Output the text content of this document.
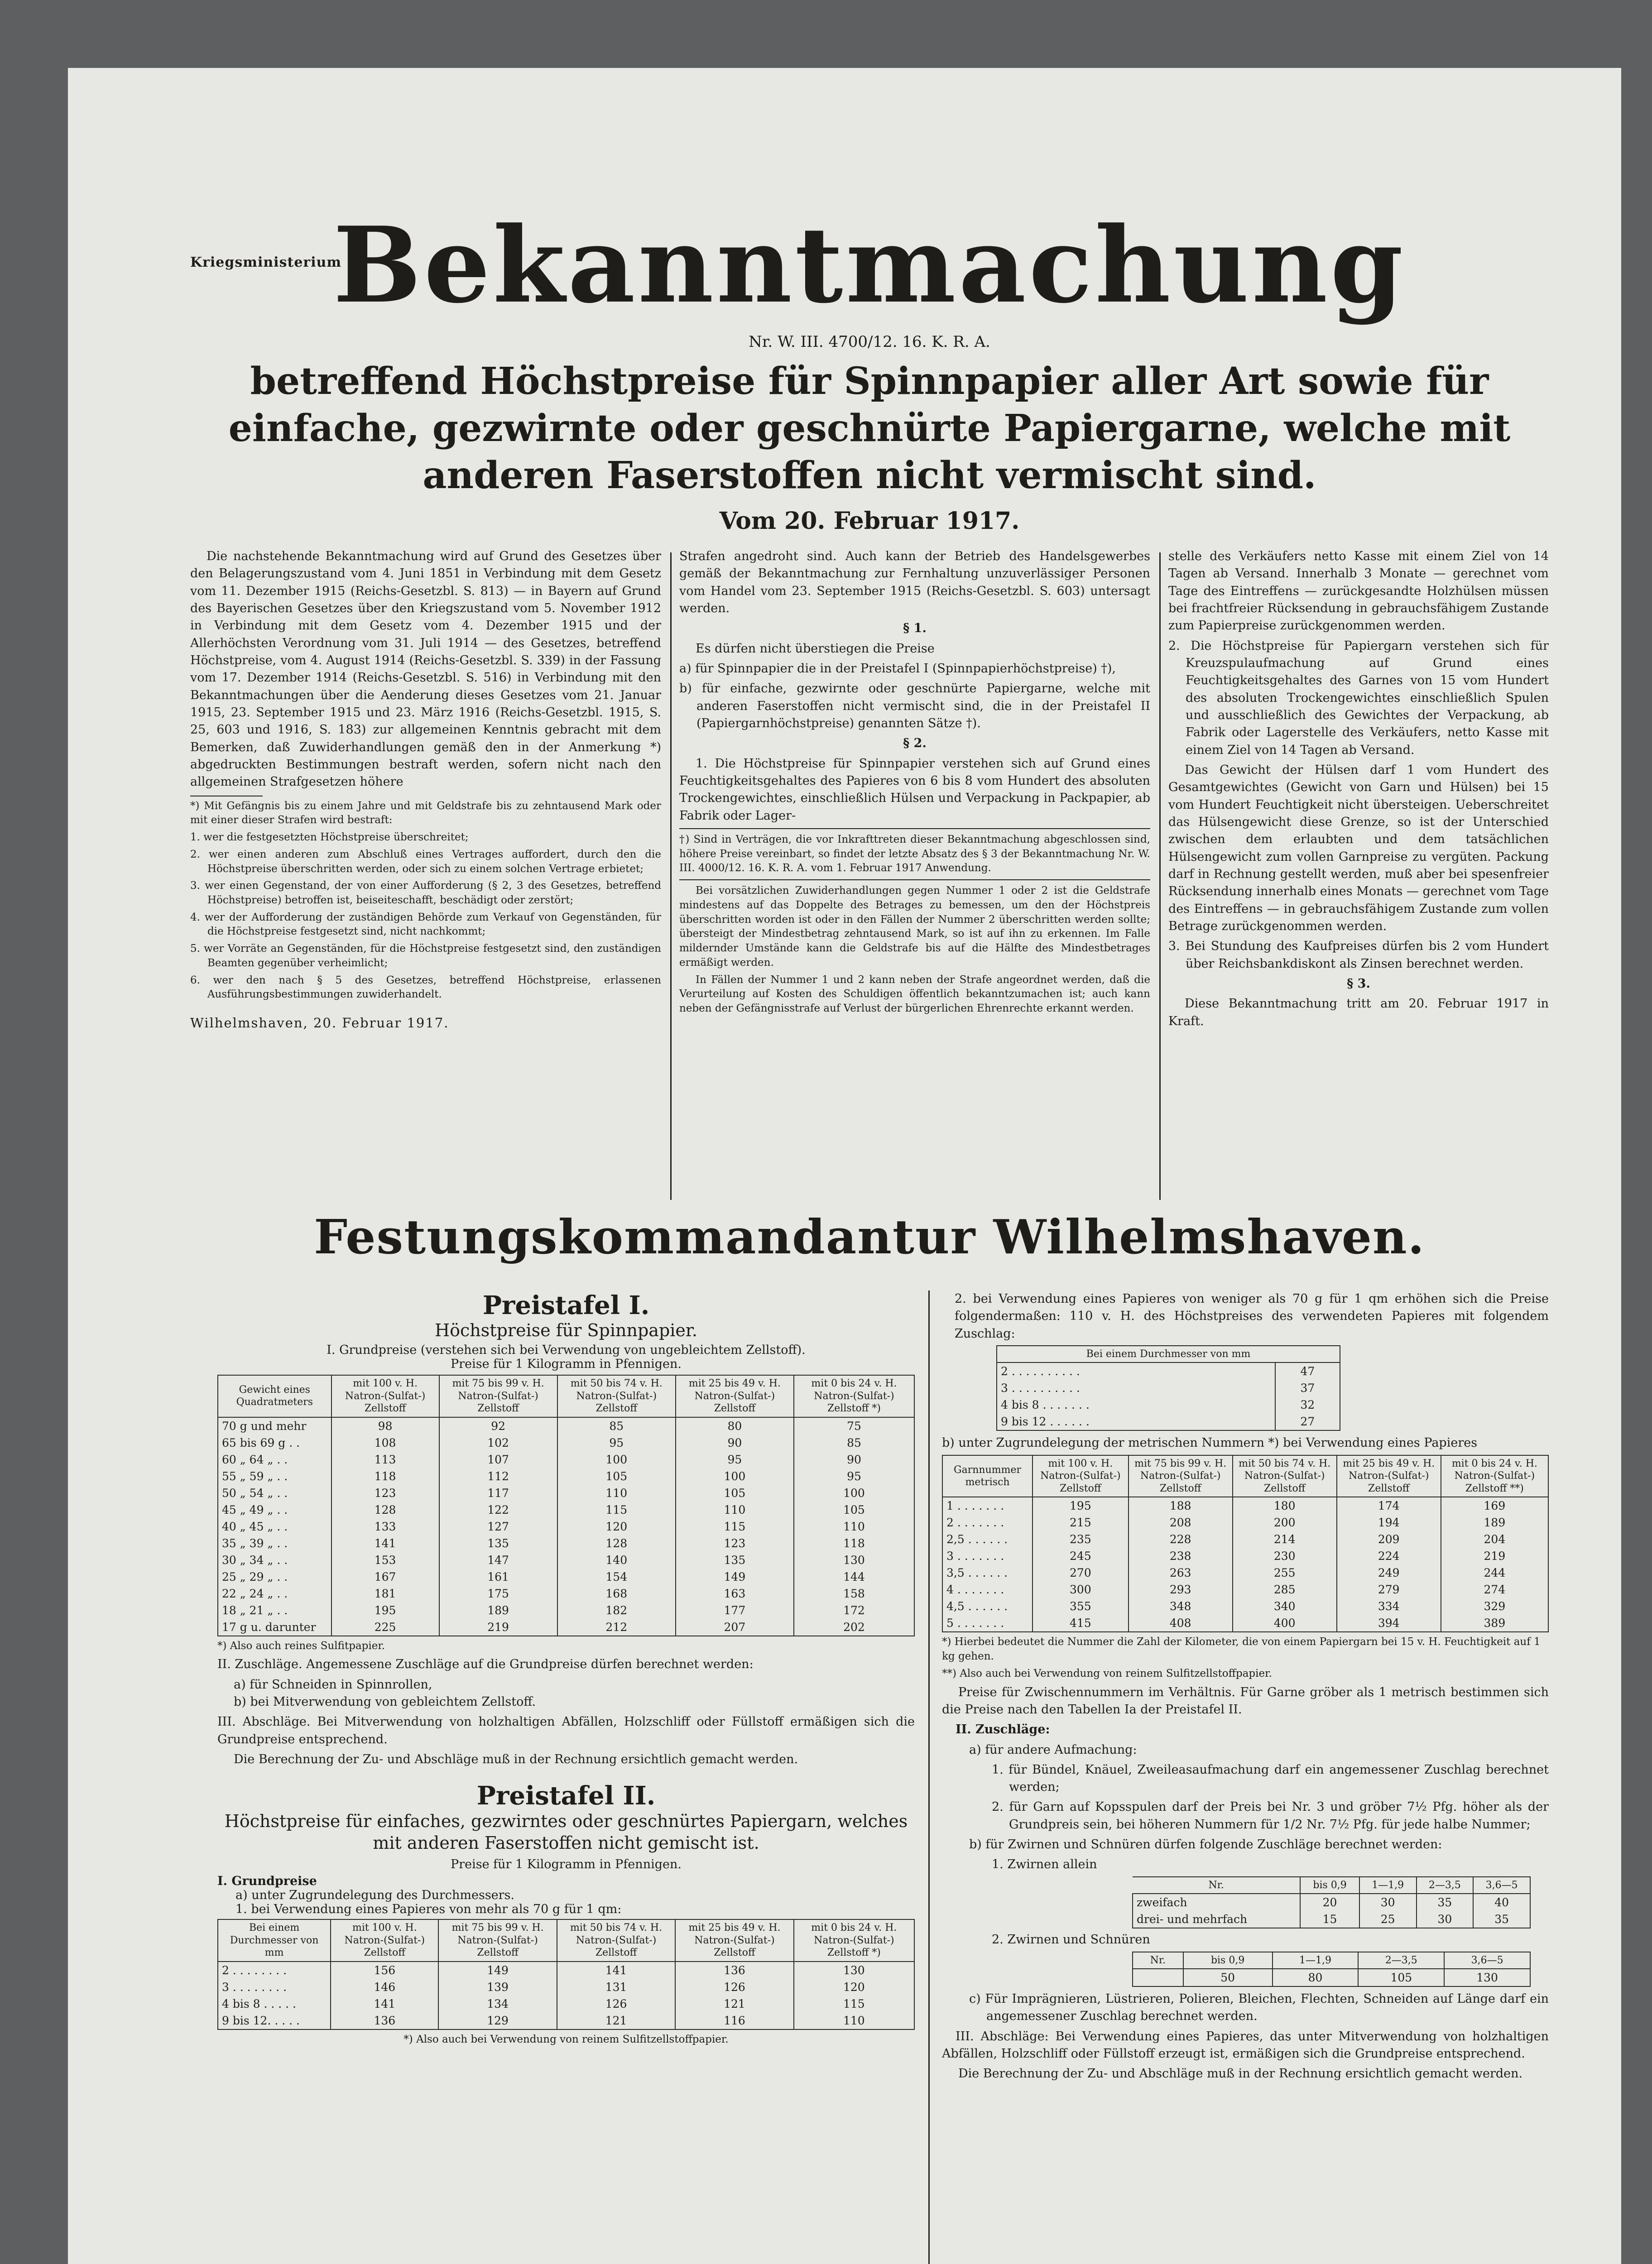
Kriegsministerium
Bekanntmachung
Nr. W. III. 4700/12. 16. K. R. A.
betreffend Höchstpreise für Spinnpapier aller Art sowie für einfache, gezwirnte oder geschnürte Papiergarne, welche mit anderen Faserstoffen nicht vermischt sind.
Vom 20. Februar 1917.

Die nachstehende Bekanntmachung wird auf Grund des Gesetzes über den Belagerungszustand vom 4. Juni 1851 in Verbindung mit dem Gesetz vom 11. Dezember 1915 (Reichs-Gesetzbl. S. 813) — in Bayern auf Grund des Bayerischen Gesetzes über den Kriegszustand vom 5. November 1912 in Verbindung mit dem Gesetz vom 4. Dezember 1915 und der Allerhöchsten Verordnung vom 31. Juli 1914 — des Gesetzes, betreffend Höchstpreise, vom 4. August 1914 (Reichs-Gesetzbl. S. 339) in der Fassung vom 17. Dezember 1914 (Reichs-Gesetzbl. S. 516) in Verbindung mit den Bekanntmachungen über die Aenderung dieses Gesetzes vom 21. Januar 1915, 23. September 1915 und 23. März 1916 (Reichs-Gesetzbl. 1915, S. 25, 603 und 1916, S. 183) zur allgemeinen Kenntnis gebracht mit dem Bemerken, daß Zuwiderhandlungen gemäß den in der Anmerkung *) abgedruckten Bestimmungen bestraft werden, sofern nicht nach den allgemeinen Strafgesetzen höhere

*) Mit Gefängnis bis zu einem Jahre und mit Geldstrafe bis zu zehntausend Mark oder mit einer dieser Strafen wird bestraft:

1. wer die festgesetzten Höchstpreise überschreitet;

2. wer einen anderen zum Abschluß eines Vertrages auffordert, durch den die Höchstpreise überschritten werden, oder sich zu einem solchen Vertrage erbietet;

3. wer einen Gegenstand, der von einer Aufforderung (§ 2, 3 des Gesetzes, betreffend Höchstpreise) betroffen ist, beiseiteschafft, beschädigt oder zerstört;

4. wer der Aufforderung der zuständigen Behörde zum Verkauf von Gegenständen, für die Höchstpreise festgesetzt sind, nicht nachkommt;

5. wer Vorräte an Gegenständen, für die Höchstpreise festgesetzt sind, den zuständigen Beamten gegenüber verheimlicht;

6. wer den nach § 5 des Gesetzes, betreffend Höchstpreise, erlassenen Ausführungsbestimmungen zuwiderhandelt.

Wilhelmshaven, 20. Februar 1917.

Strafen angedroht sind. Auch kann der Betrieb des Handelsgewerbes gemäß der Bekanntmachung zur Fernhaltung unzuverlässiger Personen vom Handel vom 23. September 1915 (Reichs-Gesetzbl. S. 603) untersagt werden.

§ 1.

Es dürfen nicht überstiegen die Preise

a) für Spinnpapier die in der Preistafel I (Spinnpapierhöchstpreise) †),

b) für einfache, gezwirnte oder geschnürte Papiergarne, welche mit anderen Faserstoffen nicht vermischt sind, die in der Preistafel II (Papiergarnhöchstpreise) genannten Sätze †).

§ 2.

1. Die Höchstpreise für Spinnpapier verstehen sich auf Grund eines Feuchtigkeitsgehaltes des Papieres von 6 bis 8 vom Hundert des absoluten Trockengewichtes, einschließlich Hülsen und Verpackung in Packpapier, ab Fabrik oder Lager-

†) Sind in Verträgen, die vor Inkrafttreten dieser Bekanntmachung abgeschlossen sind, höhere Preise vereinbart, so findet der letzte Absatz des § 3 der Bekanntmachung Nr. W. III. 4000/12. 16. K. R. A. vom 1. Februar 1917 Anwendung.

Bei vorsätzlichen Zuwiderhandlungen gegen Nummer 1 oder 2 ist die Geldstrafe mindestens auf das Doppelte des Betrages zu bemessen, um den der Höchstpreis überschritten worden ist oder in den Fällen der Nummer 2 überschritten werden sollte; übersteigt der Mindestbetrag zehntausend Mark, so ist auf ihn zu erkennen. Im Falle mildernder Umstände kann die Geldstrafe bis auf die Hälfte des Mindestbetrages ermäßigt werden.

In Fällen der Nummer 1 und 2 kann neben der Strafe angeordnet werden, daß die Verurteilung auf Kosten des Schuldigen öffentlich bekanntzumachen ist; auch kann neben der Gefängnisstrafe auf Verlust der bürgerlichen Ehrenrechte erkannt werden.

stelle des Verkäufers netto Kasse mit einem Ziel von 14 Tagen ab Versand. Innerhalb 3 Monate — gerechnet vom Tage des Eintreffens — zurückgesandte Holzhülsen müssen bei frachtfreier Rücksendung in gebrauchsfähigem Zustande zum Papierpreise zurückgenommen werden.

2. Die Höchstpreise für Papiergarn verstehen sich für Kreuzspulaufmachung auf Grund eines Feuchtigkeitsgehaltes des Garnes von 15 vom Hundert des absoluten Trockengewichtes einschließlich Spulen und ausschließlich des Gewichtes der Verpackung, ab Fabrik oder Lagerstelle des Verkäufers, netto Kasse mit einem Ziel von 14 Tagen ab Versand.

Das Gewicht der Hülsen darf 1 vom Hundert des Gesamtgewichtes (Gewicht von Garn und Hülsen) bei 15 vom Hundert Feuchtigkeit nicht übersteigen. Ueberschreitet das Hülsengewicht diese Grenze, so ist der Unterschied zwischen dem erlaubten und dem tatsächlichen Hülsengewicht zum vollen Garnpreise zu vergüten. Packung darf in Rechnung gestellt werden, muß aber bei spesenfreier Rücksendung innerhalb eines Monats — gerechnet vom Tage des Eintreffens — in gebrauchsfähigem Zustande zum vollen Betrage zurückgenommen werden.

3. Bei Stundung des Kaufpreises dürfen bis 2 vom Hundert über Reichsbankdiskont als Zinsen berechnet werden.

§ 3.

Diese Bekanntmachung tritt am 20. Februar 1917 in Kraft.

Festungskommandantur Wilhelmshaven.
Preistafel I.
Höchstpreise für Spinnpapier.
I. Grundpreise (verstehen sich bei Verwendung von ungebleichtem Zellstoff).
Preise für 1 Kilogramm in Pfennigen.
Gewicht eines Quadratmeters	mit 100 v. H. Natron-(Sulfat-) Zellstoff	mit 75 bis 99 v. H. Natron-(Sulfat-) Zellstoff	mit 50 bis 74 v. H. Natron-(Sulfat-) Zellstoff	mit 25 bis 49 v. H. Natron-(Sulfat-) Zellstoff	mit 0 bis 24 v. H. Natron-(Sulfat-) Zellstoff *)
70 g und mehr	98	92	85	80	75
65 bis 69 g . .	108	102	95	90	85
60 „ 64 „ . .	113	107	100	95	90
55 „ 59 „ . .	118	112	105	100	95
50 „ 54 „ . .	123	117	110	105	100
45 „ 49 „ . .	128	122	115	110	105
40 „ 45 „ . .	133	127	120	115	110
35 „ 39 „ . .	141	135	128	123	118
30 „ 34 „ . .	153	147	140	135	130
25 „ 29 „ . .	167	161	154	149	144
22 „ 24 „ . .	181	175	168	163	158
18 „ 21 „ . .	195	189	182	177	172
17 g u. darunter	225	219	212	207	202
*) Also auch reines Sulfitpapier.

II. Zuschläge. Angemessene Zuschläge auf die Grundpreise dürfen berechnet werden:

a) für Schneiden in Spinnrollen,

b) bei Mitverwendung von gebleichtem Zellstoff.

III. Abschläge. Bei Mitverwendung von holzhaltigen Abfällen, Holzschliff oder Füllstoff ermäßigen sich die Grundpreise entsprechend.

Die Berechnung der Zu- und Abschläge muß in der Rechnung ersichtlich gemacht werden.

Preistafel II.
Höchstpreise für einfaches, gezwirntes oder geschnürtes Papiergarn, welches mit anderen Faserstoffen nicht gemischt ist.
Preise für 1 Kilogramm in Pfennigen.
I. Grundpreise
a) unter Zugrundelegung des Durchmessers.
1. bei Verwendung eines Papieres von mehr als 70 g für 1 qm:
Bei einem Durchmesser von mm	mit 100 v. H. Natron-(Sulfat-) Zellstoff	mit 75 bis 99 v. H. Natron-(Sulfat-) Zellstoff	mit 50 bis 74 v. H. Natron-(Sulfat-) Zellstoff	mit 25 bis 49 v. H. Natron-(Sulfat-) Zellstoff	mit 0 bis 24 v. H. Natron-(Sulfat-) Zellstoff *)
2 . . . . . . . .	156	149	141	136	130
3 . . . . . . . .	146	139	131	126	120
4 bis 8 . . . . .	141	134	126	121	115
9 bis 12. . . . .	136	129	121	116	110
*) Also auch bei Verwendung von reinem Sulfitzellstoffpapier.

2. bei Verwendung eines Papieres von weniger als 70 g für 1 qm erhöhen sich die Preise folgendermaßen: 110 v. H. des Höchstpreises des verwendeten Papieres mit folgendem Zuschlag:

Bei einem Durchmesser von mm	
2 . . . . . . . . . .	47
3 . . . . . . . . . .	37
4 bis 8 . . . . . . .	32
9 bis 12 . . . . . .	27

b) unter Zugrundelegung der metrischen Nummern *) bei Verwendung eines Papieres

Garnnummer metrisch	mit 100 v. H. Natron-(Sulfat-) Zellstoff	mit 75 bis 99 v. H. Natron-(Sulfat-) Zellstoff	mit 50 bis 74 v. H. Natron-(Sulfat-) Zellstoff	mit 25 bis 49 v. H. Natron-(Sulfat-) Zellstoff	mit 0 bis 24 v. H. Natron-(Sulfat-) Zellstoff **)
1 . . . . . . .	195	188	180	174	169
2 . . . . . . .	215	208	200	194	189
2,5 . . . . . .	235	228	214	209	204
3 . . . . . . .	245	238	230	224	219
3,5 . . . . . .	270	263	255	249	244
4 . . . . . . .	300	293	285	279	274
4,5 . . . . . .	355	348	340	334	329
5 . . . . . . .	415	408	400	394	389

*) Hierbei bedeutet die Nummer die Zahl der Kilometer, die von einem Papiergarn bei 15 v. H. Feuchtigkeit auf 1 kg gehen.

**) Also auch bei Verwendung von reinem Sulfitzellstoffpapier.

Preise für Zwischennummern im Verhältnis. Für Garne gröber als 1 metrisch bestimmen sich die Preise nach den Tabellen Ia der Preistafel II.

II. Zuschläge:

a) für andere Aufmachung:

1. für Bündel, Knäuel, Zweileasaufmachung darf ein angemessener Zuschlag berechnet werden;

2. für Garn auf Kopsspulen darf der Preis bei Nr. 3 und gröber 7½ Pfg. höher als der Grundpreis sein, bei höheren Nummern für 1/2 Nr. 7½ Pfg. für jede halbe Nummer;

b) für Zwirnen und Schnüren dürfen folgende Zuschläge berechnet werden:

1. Zwirnen allein

Nr.	bis 0,9	1—1,9	2—3,5	3,6—5
zweifach	20	30	35	40
drei- und mehrfach	15	25	30	35

2. Zwirnen und Schnüren

Nr.	bis 0,9	1—1,9	2—3,5	3,6—5
	50	80	105	130

c) Für Imprägnieren, Lüstrieren, Polieren, Bleichen, Flechten, Schneiden auf Länge darf ein angemessener Zuschlag berechnet werden.

III. Abschläge: Bei Verwendung eines Papieres, das unter Mitverwendung von holzhaltigen Abfällen, Holzschliff oder Füllstoff erzeugt ist, ermäßigen sich die Grundpreise entsprechend.

Die Berechnung der Zu- und Abschläge muß in der Rechnung ersichtlich gemacht werden.
